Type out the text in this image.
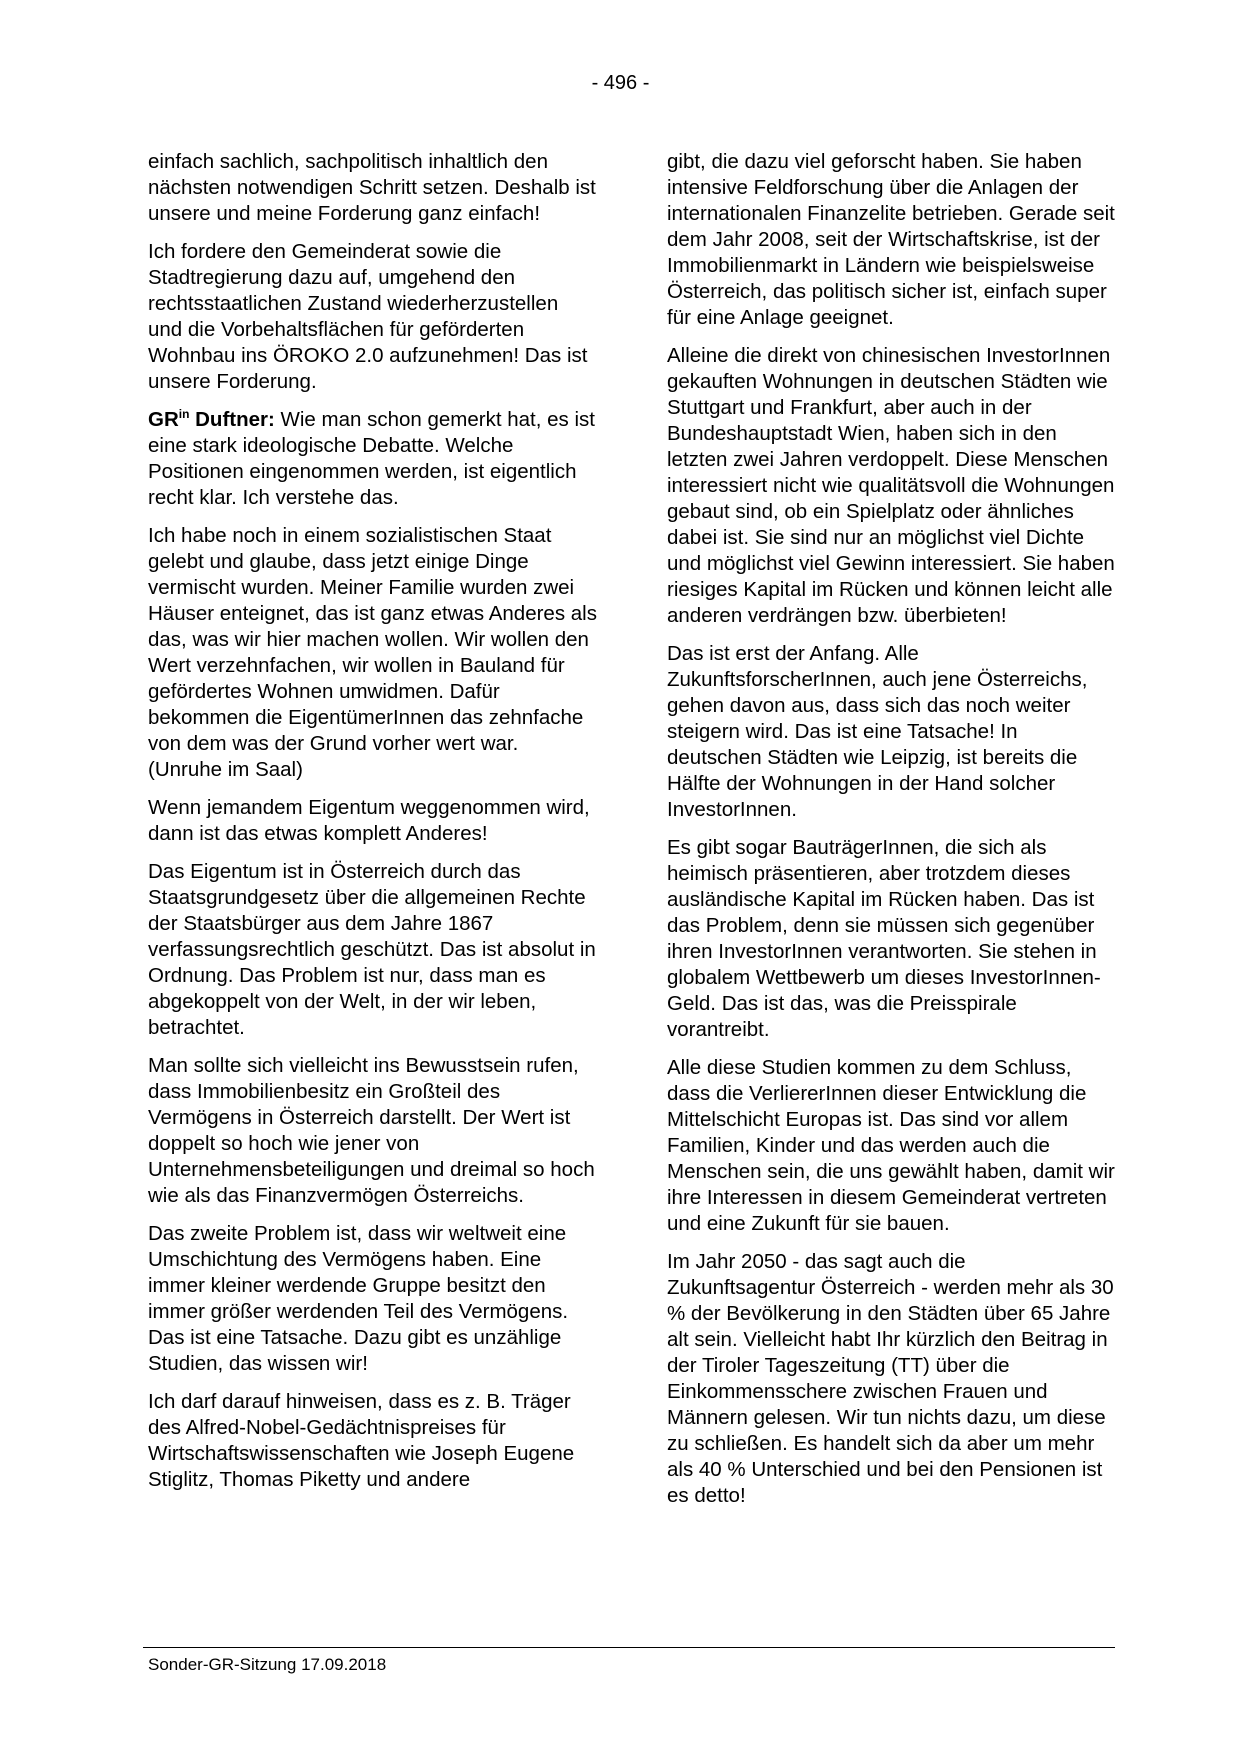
- 496 -

einfach sachlich, sachpolitisch inhaltlich den nächsten notwendigen Schritt setzen. Deshalb ist unsere und meine Forderung ganz einfach!

Ich fordere den Gemeinderat sowie die Stadtregierung dazu auf, umgehend den rechtsstaatlichen Zustand wiederherzustellen und die Vorbehaltsflächen für geförderten Wohnbau ins ÖROKO 2.0 aufzunehmen! Das ist unsere Forderung.

$GR^{in}$ Duftner: Wie man schon gemerkt hat, es ist eine stark ideologische Debatte. Welche Positionen eingenommen werden, ist eigentlich recht klar. Ich verstehe das.

Ich habe noch in einem sozialistischen Staat gelebt und glaube, dass jetzt einige Dinge vermischt wurden. Meiner Familie wurden zwei Häuser enteignet, das ist ganz etwas Anderes als das, was wir hier machen wollen. Wir wollen den Wert verzehnfachen, wir wollen in Bauland für gefördertes Wohnen umwidmen. Dafür bekommen die EigentümerInnen das zehnfache von dem was der Grund vorher wert war. (Unruhe im Saal)

Wenn jemandem Eigentum weggenommen wird, dann ist das etwas komplett Anderes!

Das Eigentum ist in Österreich durch das Staatsgrundgesetz über die allgemeinen Rechte der Staatsbürger aus dem Jahre 1867 verfassungsrechtlich geschützt. Das ist absolut in Ordnung. Das Problem ist nur, dass man es abgekoppelt von der Welt, in der wir leben, betrachtet.

Man sollte sich vielleicht ins Bewusstsein rufen, dass Immobilienbesitz ein Großteil des Vermögens in Österreich darstellt. Der Wert ist doppelt so hoch wie jener von Unternehmensbeteiligungen und dreimal so hoch wie als das Finanzvermögen Österreichs.

Das zweite Problem ist, dass wir weltweit eine Umschichtung des Vermögens haben. Eine immer kleiner werdende Gruppe besitzt den immer größer werdenden Teil des Vermögens. Das ist eine Tatsache. Dazu gibt es unzählige Studien, das wissen wir!

Ich darf darauf hinweisen, dass es z. B. Träger des Alfred-Nobel-Gedächtnispreises für Wirtschaftswissenschaften wie Joseph Eugene Stiglitz, Thomas Piketty und andere

gibt, die dazu viel geforscht haben. Sie haben intensive Feldforschung über die Anlagen der internationalen Finanzelite betrieben. Gerade seit dem Jahr 2008, seit der Wirtschaftskrise, ist der Immobilienmarkt in Ländern wie beispielsweise Österreich, das politisch sicher ist, einfach super für eine Anlage geeignet.

Alleine die direkt von chinesischen InvestorInnen gekauften Wohnungen in deutschen Städten wie Stuttgart und Frankfurt, aber auch in der Bundeshauptstadt Wien, haben sich in den letzten zwei Jahren verdoppelt. Diese Menschen interessiert nicht wie qualitätsvoll die Wohnungen gebaut sind, ob ein Spielplatz oder ähnliches dabei ist. Sie sind nur an möglichst viel Dichte und möglichst viel Gewinn interessiert. Sie haben riesiges Kapital im Rücken und können leicht alle anderen verdrängen bzw. überbieten!

Das ist erst der Anfang. Alle ZukunftsforscherInnen, auch jene Österreichs, gehen davon aus, dass sich das noch weiter steigern wird. Das ist eine Tatsache! In deutschen Städten wie Leipzig, ist bereits die Hälfte der Wohnungen in der Hand solcher InvestorInnen.

Es gibt sogar BauträgerInnen, die sich als heimisch präsentieren, aber trotzdem dieses ausländische Kapital im Rücken haben. Das ist das Problem, denn sie müssen sich gegenüber ihren InvestorInnen verantworten. Sie stehen in globalem Wettbewerb um dieses InvestorInnen-Geld. Das ist das, was die Preisspirale vorantreibt.

Alle diese Studien kommen zu dem Schluss, dass die VerliererInnen dieser Entwicklung die Mittelschicht Europas ist. Das sind vor allem Familien, Kinder und das werden auch die Menschen sein, die uns gewählt haben, damit wir ihre Interessen in diesem Gemeinderat vertreten und eine Zukunft für sie bauen.

Im Jahr 2050 - das sagt auch die Zukunftsagentur Österreich - werden mehr als 30 % der Bevölkerung in den Städten über 65 Jahre alt sein. Vielleicht habt Ihr kürzlich den Beitrag in der Tiroler Tageszeitung (TT) über die Einkommensschere zwischen Frauen und Männern gelesen. Wir tun nichts dazu, um diese zu schließen. Es handelt sich da aber um mehr als 40 % Unterschied und bei den Pensionen ist es detto!

Sonder-GR-Sitzung 17.09.2018
